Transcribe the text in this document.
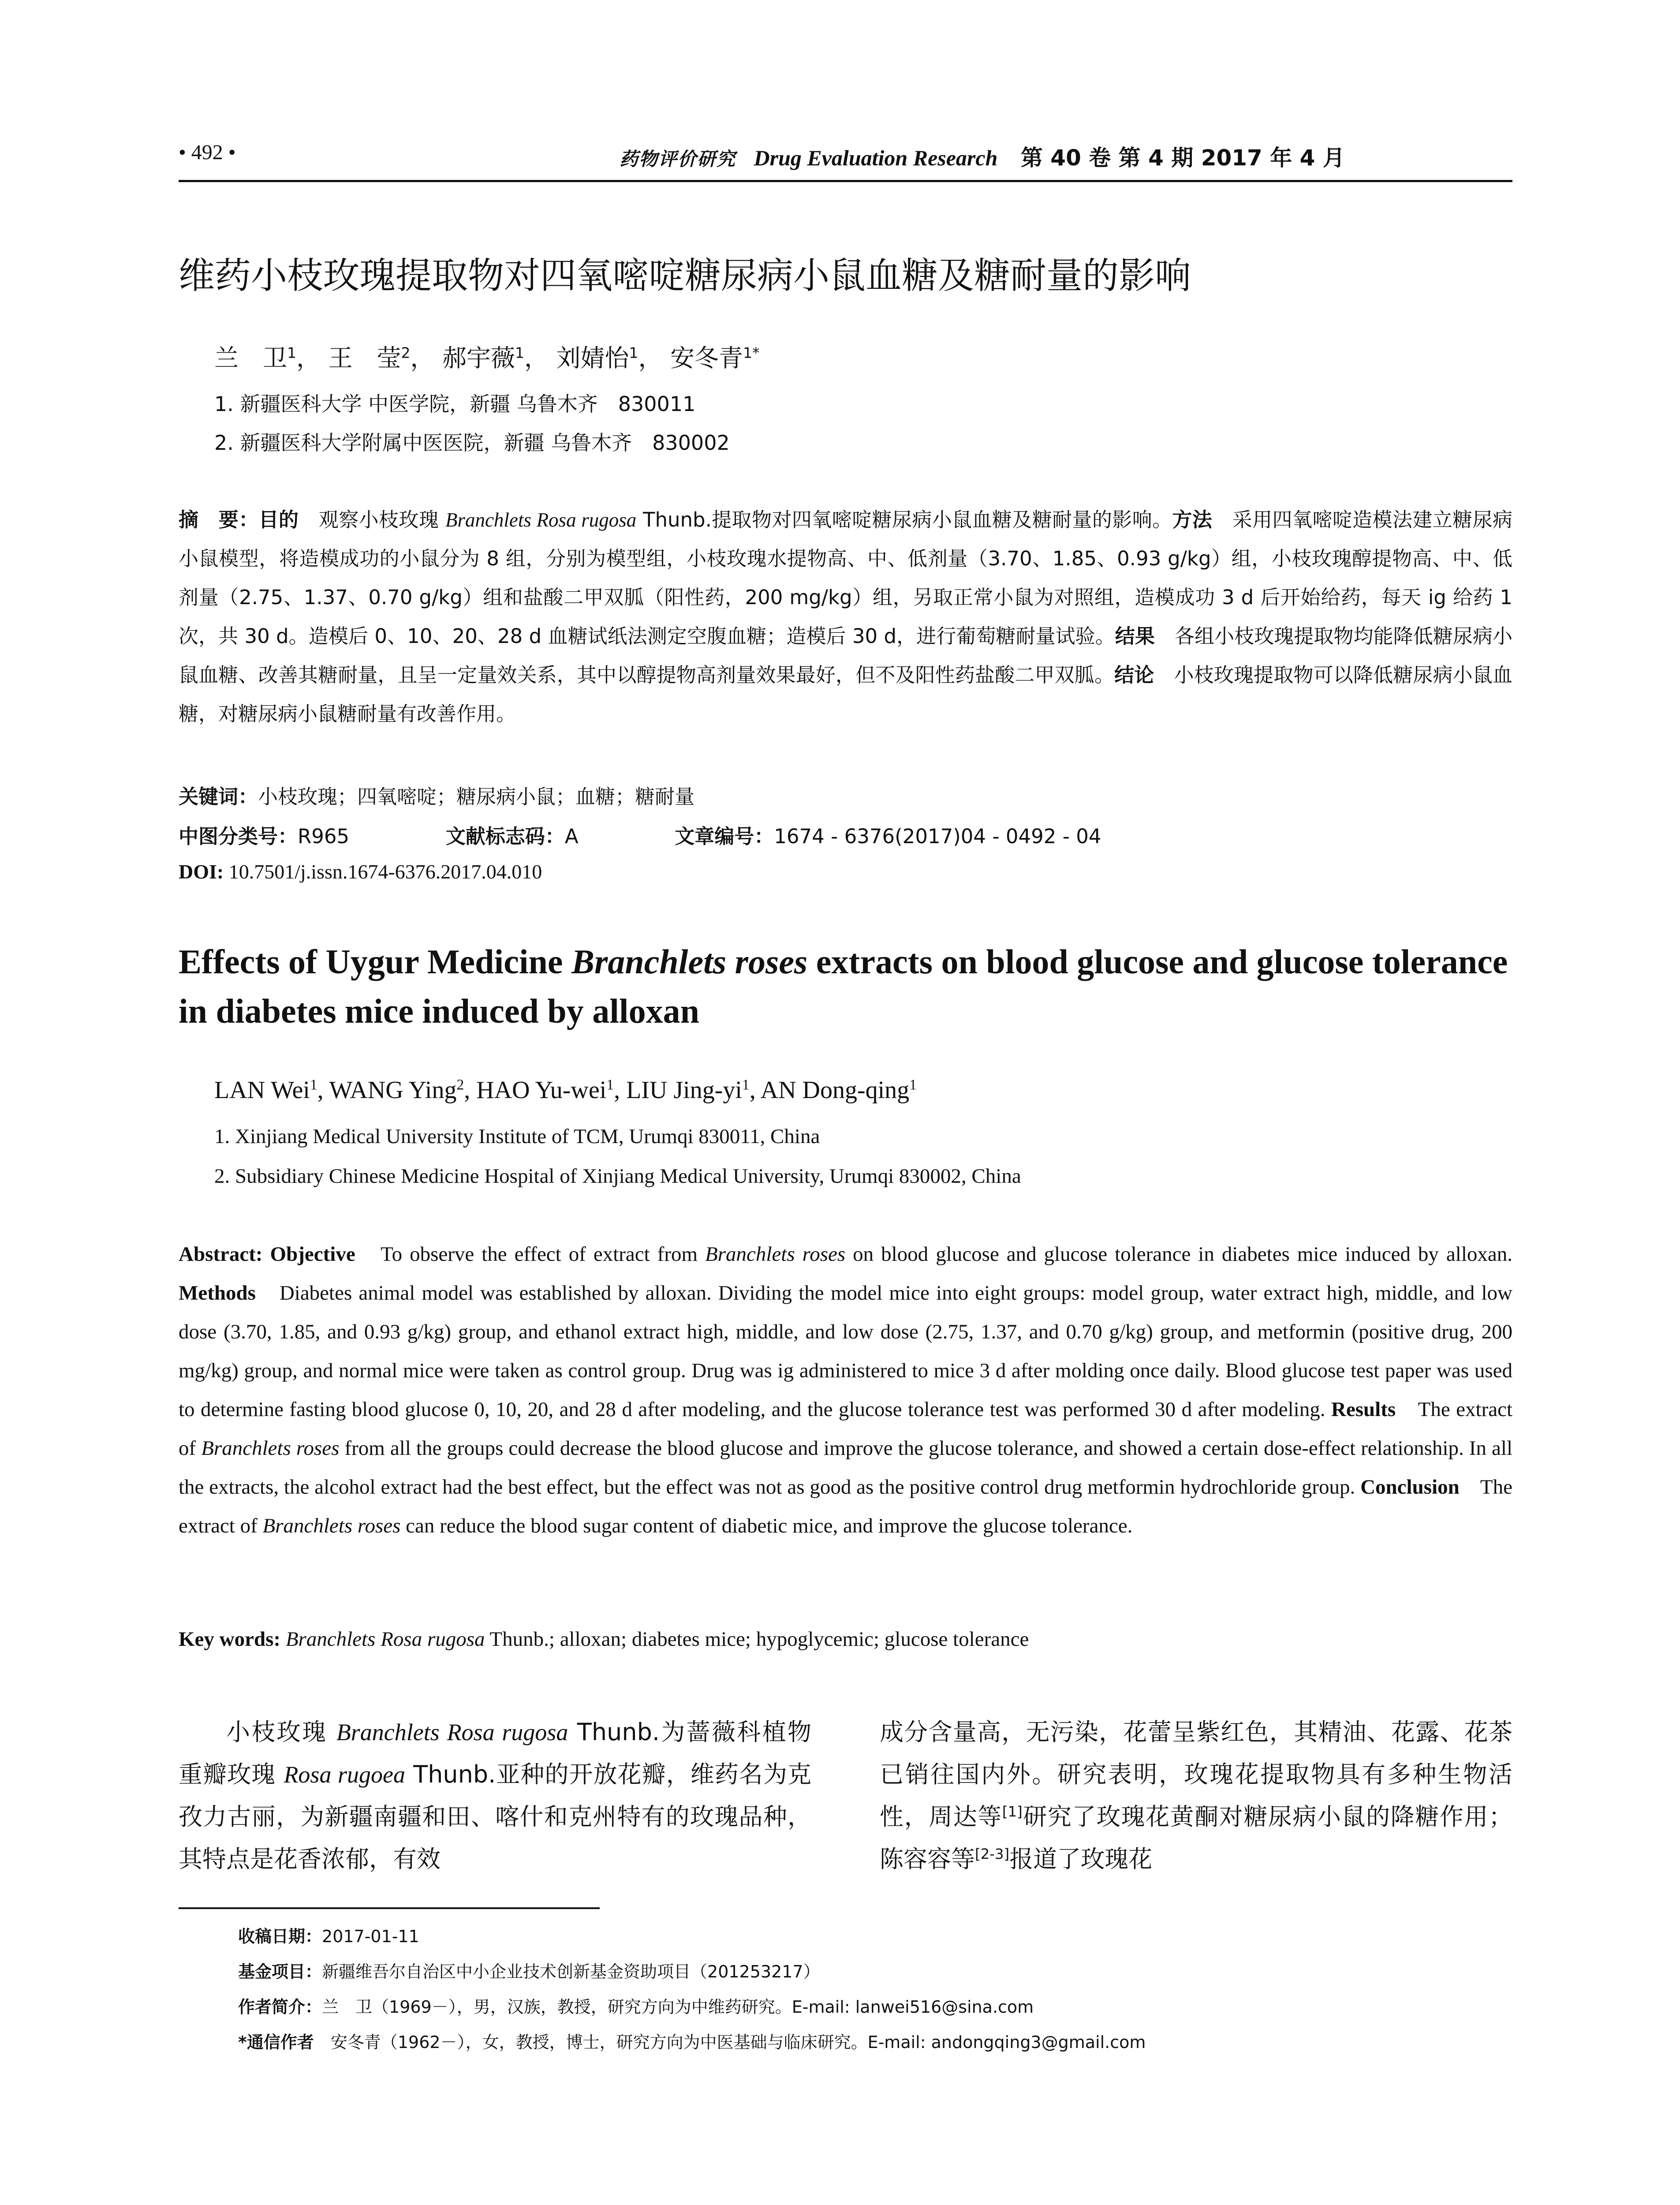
• 492 •	药物评价研究 Drug Evaluation Research 第 40 卷 第 4 期 2017 年 4 月
维药小枝玫瑰提取物对四氧嘧啶糖尿病小鼠血糖及糖耐量的影响
兰　卫$^1$， 王　莹$^2$， 郝宇薇$^1$， 刘婧怡$^1$， 安冬青$^{1*}$
1. 新疆医科大学 中医学院，新疆 乌鲁木齐　830011
2. 新疆医科大学附属中医医院，新疆 乌鲁木齐　830002
摘　要：目的　观察小枝玫瑰 Branchlets Rosa rugosa Thunb.提取物对四氧嘧啶糖尿病小鼠血糖及糖耐量的影响。方法　采用四氧嘧啶造模法建立糖尿病小鼠模型，将造模成功的小鼠分为 8 组，分别为模型组，小枝玫瑰水提物高、中、低剂量（3.70、1.85、0.93 g/kg）组，小枝玫瑰醇提物高、中、低剂量（2.75、1.37、0.70 g/kg）组和盐酸二甲双胍（阳性药，200 mg/kg）组，另取正常小鼠为对照组，造模成功 3 d 后开始给药，每天 ig 给药 1 次，共 30 d。造模后 0、10、20、28 d 血糖试纸法测定空腹血糖；造模后 30 d，进行葡萄糖耐量试验。结果　各组小枝玫瑰提取物均能降低糖尿病小鼠血糖、改善其糖耐量，且呈一定量效关系，其中以醇提物高剂量效果最好，但不及阳性药盐酸二甲双胍。结论　小枝玫瑰提取物可以降低糖尿病小鼠血糖，对糖尿病小鼠糖耐量有改善作用。
关键词：小枝玫瑰；四氧嘧啶；糖尿病小鼠；血糖；糖耐量
中图分类号：R965	文献标志码：A	文章编号：1674 - 6376(2017)04 - 0492 - 04
DOI: 10.7501/j.issn.1674-6376.2017.04.010
Effects of Uygur Medicine Branchlets roses extracts on blood glucose and glucose tolerance in diabetes mice induced by alloxan
LAN Wei$^1$, WANG Ying$^2$, HAO Yu-wei$^1$, LIU Jing-$yi^1$, AN Dong-qing$^1$
1. Xinjiang Medical University Institute of TCM, Urumqi 830011, China
2. Subsidiary Chinese Medicine Hospital of Xinjiang Medical University, Urumqi 830002, China
Abstract: Objective　To observe the effect of extract from Branchlets roses on blood glucose and glucose tolerance in diabetes mice induced by alloxan. Methods　Diabetes animal model was established by alloxan. Dividing the model mice into eight groups: model group, water extract high, middle, and low dose (3.70, 1.85, and 0.93 g/kg) group, and ethanol extract high, middle, and low dose (2.75, 1.37, and 0.70 g/kg) group, and metformin (positive drug, 200 mg/kg) group, and normal mice were taken as control group. Drug was ig administered to mice 3 d after molding once daily. Blood glucose test paper was used to determine fasting blood glucose 0, 10, 20, and 28 d after modeling, and the glucose tolerance test was performed 30 d after modeling. Results　The extract of Branchlets roses from all the groups could decrease the blood glucose and improve the glucose tolerance, and showed a certain dose-effect relationship. In all the extracts, the alcohol extract had the best effect, but the effect was not as good as the positive control drug metformin hydrochloride group. Conclusion　The extract of Branchlets roses can reduce the blood sugar content of diabetic mice, and improve the glucose tolerance.
Key words: Branchlets Rosa rugosa Thunb.; alloxan; diabetes mice; hypoglycemic; glucose tolerance
小枝玫瑰 Branchlets Rosa rugosa Thunb.为蔷薇科植物重瓣玫瑰 Rosa rugoea Thunb.亚种的开放花瓣，维药名为克孜力古丽，为新疆南疆和田、喀什和克州特有的玫瑰品种，其特点是花香浓郁，有效
成分含量高，无污染，花蕾呈紫红色，其精油、花露、花茶已销往国内外。研究表明，玫瑰花提取物具有多种生物活性，周达等[1]研究了玫瑰花黄酮对糖尿病小鼠的降糖作用；陈容容等[2-3]报道了玫瑰花
收稿日期：2017-01-11
基金项目：新疆维吾尔自治区中小企业技术创新基金资助项目（201253217）
作者简介：兰　卫（1969－），男，汉族，教授，研究方向为中维药研究。E-mail: lanwei516@sina.com
*通信作者　安冬青（1962－），女，教授，博士，研究方向为中医基础与临床研究。E-mail: andongqing3@gmail.com
